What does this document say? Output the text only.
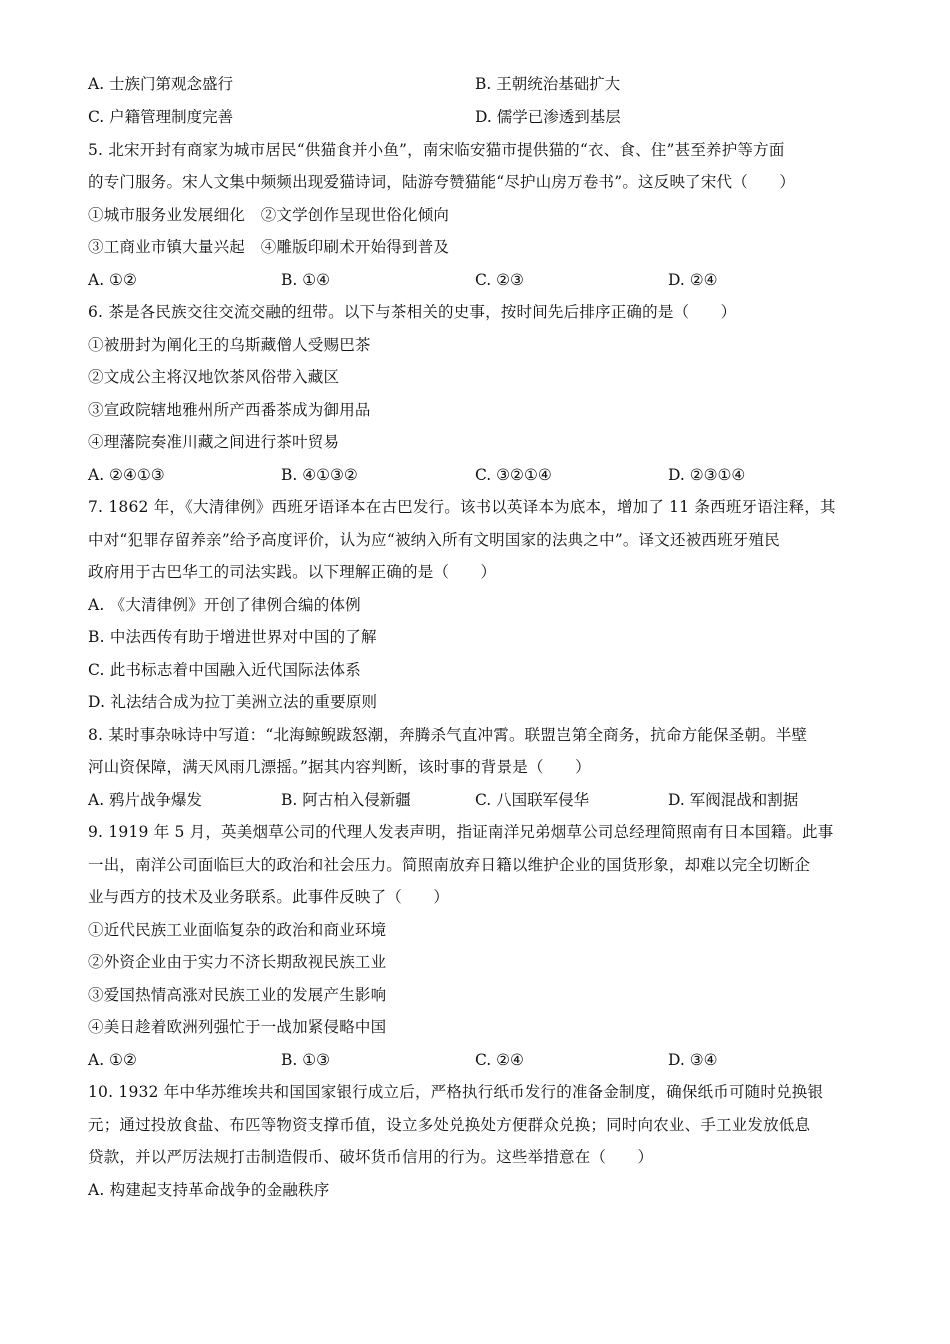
A. 士族门第观念盛行	B. 王朝统治基础扩大
C. 户籍管理制度完善	D. 儒学已渗透到基层
5. 北宋开封有商家为城市居民“供猫食并小鱼”，南宋临安猫市提供猫的“衣、食、住”甚至养护等方面
的专门服务。宋人文集中频频出现爱猫诗词，陆游夸赞猫能“尽护山房万卷书”。这反映了宋代（　　）
①城市服务业发展细化　②文学创作呈现世俗化倾向
③工商业市镇大量兴起　④雕版印刷术开始得到普及
A. ①②	B. ①④	C. ②③	D. ②④
6. 茶是各民族交往交流交融的纽带。以下与茶相关的史事，按时间先后排序正确的是（　　）
①被册封为阐化王的乌斯藏僧人受赐巴茶
②文成公主将汉地饮茶风俗带入藏区
③宣政院辖地雅州所产西番茶成为御用品
④理藩院奏准川藏之间进行茶叶贸易
A. ②④①③	B. ④①③②	C. ③②①④	D. ②③①④
7. 1862 年，《大清律例》西班牙语译本在古巴发行。该书以英译本为底本，增加了 11 条西班牙语注释，其
中对“犯罪存留养亲”给予高度评价，认为应“被纳入所有文明国家的法典之中”。译文还被西班牙殖民
政府用于古巴华工的司法实践。以下理解正确的是（　　）
A. 《大清律例》开创了律例合编的体例
B. 中法西传有助于增进世界对中国的了解
C. 此书标志着中国融入近代国际法体系
D. 礼法结合成为拉丁美洲立法的重要原则
8. 某时事杂咏诗中写道：“北海鲸鲵跋怒潮，奔腾杀气直冲霄。联盟岂第全商务，抗命方能保圣朝。半壁
河山资保障，满天风雨几漂摇。”据其内容判断，该时事的背景是（　　）
A. 鸦片战争爆发	B. 阿古柏入侵新疆	C. 八国联军侵华	D. 军阀混战和割据
9. 1919 年 5 月，英美烟草公司的代理人发表声明，指证南洋兄弟烟草公司总经理简照南有日本国籍。此事
一出，南洋公司面临巨大的政治和社会压力。简照南放弃日籍以维护企业的国货形象，却难以完全切断企
业与西方的技术及业务联系。此事件反映了（　　）
①近代民族工业面临复杂的政治和商业环境
②外资企业由于实力不济长期敌视民族工业
③爱国热情高涨对民族工业的发展产生影响
④美日趁着欧洲列强忙于一战加紧侵略中国
A. ①②	B. ①③	C. ②④	D. ③④
10. 1932 年中华苏维埃共和国国家银行成立后，严格执行纸币发行的准备金制度，确保纸币可随时兑换银
元；通过投放食盐、布匹等物资支撑币值，设立多处兑换处方便群众兑换；同时向农业、手工业发放低息
贷款，并以严厉法规打击制造假币、破坏货币信用的行为。这些举措意在（　　）
A. 构建起支持革命战争的金融秩序
